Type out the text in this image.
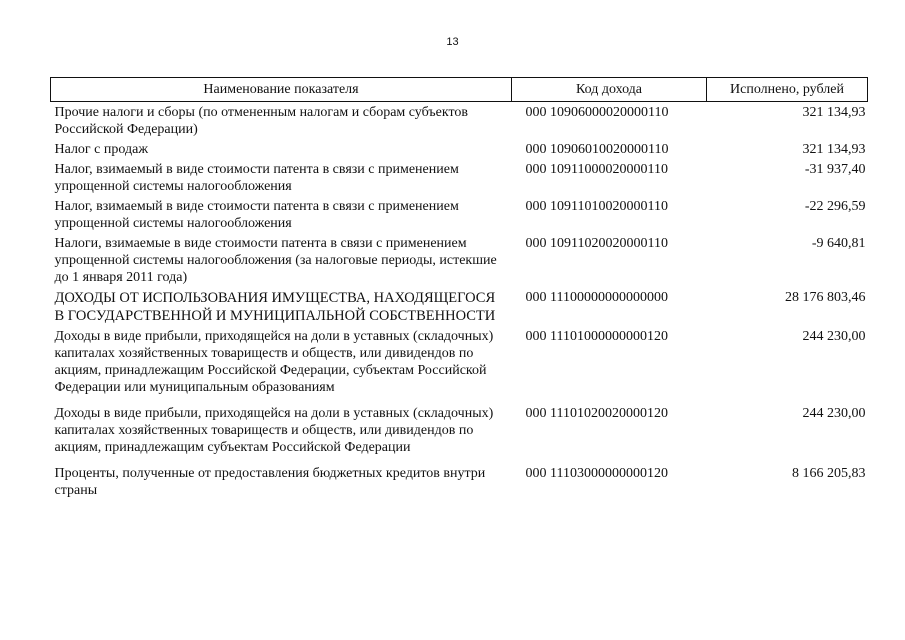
13
Наименование показателя	Код дохода	Исполнено, рублей
Прочие налоги и сборы (по отмененным налогам и сборам субъектов Российской Федерации)	000 10906000020000110	321 134,93
Налог с продаж	000 10906010020000110	321 134,93
Налог, взимаемый в виде стоимости патента в связи с применением упрощенной системы налогообложения	000 10911000020000110	-31 937,40
Налог, взимаемый в виде стоимости патента в связи с применением упрощенной системы налогообложения	000 10911010020000110	-22 296,59
Налоги, взимаемые в виде стоимости патента в связи с применением упрощенной системы налогообложения (за налоговые периоды, истекшие до 1 января 2011 года)	000 10911020020000110	-9 640,81
ДОХОДЫ ОТ ИСПОЛЬЗОВАНИЯ ИМУЩЕСТВА, НАХОДЯЩЕГОСЯ В ГОСУДАРСТВЕННОЙ И МУНИЦИПАЛЬНОЙ СОБСТВЕННОСТИ	000 11100000000000000	28 176 803,46
Доходы в виде прибыли, приходящейся на доли в уставных (складочных) капиталах хозяйственных товариществ и обществ, или дивидендов по акциям, принадлежащим Российской Федерации, субъектам Российской Федерации или муниципальным образованиям	000 11101000000000120	244 230,00
Доходы в виде прибыли, приходящейся на доли в уставных (складочных) капиталах хозяйственных товариществ и обществ, или дивидендов по акциям, принадлежащим субъектам Российской Федерации	000 11101020020000120	244 230,00
Проценты, полученные от предоставления бюджетных кредитов внутри страны	000 11103000000000120	8 166 205,83
